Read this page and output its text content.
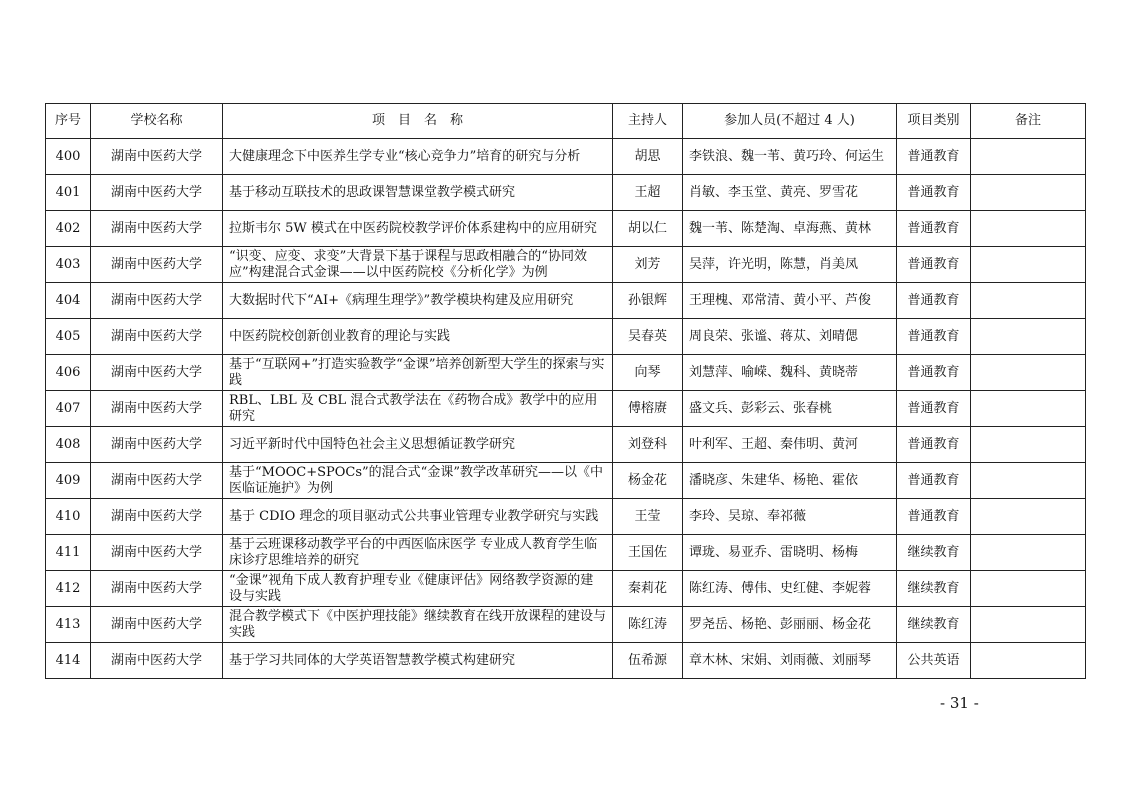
序号	学校名称	项　目　名　称	主持人	参加人员(不超过 4 人)	项目类别	备注
400	湖南中医药大学	大健康理念下中医养生学专业“核心竞争力”培育的研究与分析	胡思	李铁浪、魏一苇、黄巧玲、何运生	普通教育	
401	湖南中医药大学	基于移动互联技术的思政课智慧课堂教学模式研究	王超	肖敏、李玉堂、黄亮、罗雪花	普通教育	
402	湖南中医药大学	拉斯韦尔 5W 模式在中医药院校教学评价体系建构中的应用研究	胡以仁	魏一苇、陈楚淘、卓海燕、黄林	普通教育	
403	湖南中医药大学	“识变、应变、求变”大背景下基于课程与思政相融合的“协同效应”构建混合式金课——以中医药院校《分析化学》为例	刘芳	吴萍，许光明，陈慧，肖美凤	普通教育	
404	湖南中医药大学	大数据时代下“AI+《病理生理学》”教学模块构建及应用研究	孙银辉	王理槐、邓常清、黄小平、芦俊	普通教育	
405	湖南中医药大学	中医药院校创新创业教育的理论与实践	吴春英	周良荣、张谧、蒋苁、刘晴偲	普通教育	
406	湖南中医药大学	基于“互联网+”打造实验教学“金课”培养创新型大学生的探索与实践	向琴	刘慧萍、喻嵘、魏科、黄晓蒂	普通教育	
407	湖南中医药大学	RBL、LBL 及 CBL 混合式教学法在《药物合成》教学中的应用研究	傅榕赓	盛文兵、彭彩云、张春桃	普通教育	
408	湖南中医药大学	习近平新时代中国特色社会主义思想循证教学研究	刘登科	叶利军、王超、秦伟明、黄河	普通教育	
409	湖南中医药大学	基于“MOOC+SPOCs”的混合式“金课”教学改革研究——以《中医临证施护》为例	杨金花	潘晓彦、朱建华、杨艳、霍依	普通教育	
410	湖南中医药大学	基于 CDIO 理念的项目驱动式公共事业管理专业教学研究与实践	王莹	李玲、吴琼、奉祁薇	普通教育	
411	湖南中医药大学	基于云班课移动教学平台的中西医临床医学 专业成人教育学生临床诊疗思维培养的研究	王国佐	谭珑、易亚乔、雷晓明、杨梅	继续教育	
412	湖南中医药大学	“金课”视角下成人教育护理专业《健康评估》网络教学资源的建设与实践	秦莉花	陈红涛、傅伟、史红健、李妮蓉	继续教育	
413	湖南中医药大学	混合教学模式下《中医护理技能》继续教育在线开放课程的建设与实践	陈红涛	罗尧岳、杨艳、彭丽丽、杨金花	继续教育	
414	湖南中医药大学	基于学习共同体的大学英语智慧教学模式构建研究	伍希源	章木林、宋娟、刘雨薇、刘丽琴	公共英语	
- 31 -
